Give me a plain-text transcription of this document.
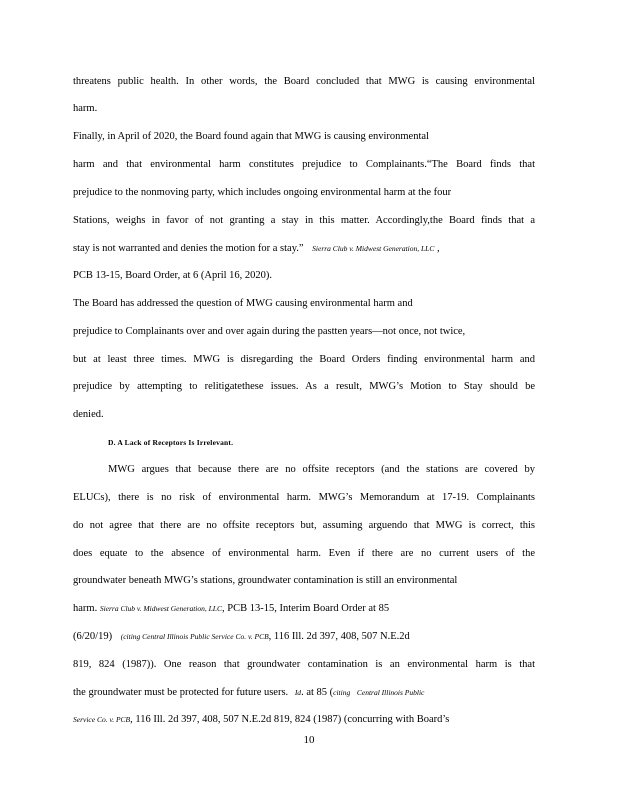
threatens public health. In other words, the Board concluded that MWG is causing environmental

harm.

Finally, in April of 2020, the Board found again that MWG is causing environmental

harm and that environmental harm constitutes prejudice to Complainants.“The Board finds that

prejudice to the nonmoving party, which includes ongoing environmental harm at the four

Stations, weighs in favor of not granting a stay in this matter. Accordingly,the Board finds that a

stay is not warranted and denies the motion for a stay.” Sierra Club v. Midwest Generation, LLC ,

PCB 13-15, Board Order, at 6 (April 16, 2020).

The Board has addressed the question of MWG causing environmental harm and

prejudice to Complainants over and over again during the pastten years—not once, not twice,

but at least three times. MWG is disregarding the Board Orders finding environmental harm and

prejudice by attempting to relitigatethese issues. As a result, MWG’s Motion to Stay should be

denied.

D. A Lack of Receptors Is Irrelevant.

MWG argues that because there are no offsite receptors (and the stations are covered by

ELUCs), there is no risk of environmental harm. MWG’s Memorandum at 17-19. Complainants

do not agree that there are no offsite receptors but, assuming arguendo that MWG is correct, this

does equate to the absence of environmental harm. Even if there are no current users of the

groundwater beneath MWG’s stations, groundwater contamination is still an environmental

harm. Sierra Club v. Midwest Generation, LLC, PCB 13-15, Interim Board Order at 85

(6/20/19) (citing Central Illinois Public Service Co. v. PCB, 116 Ill. 2d 397, 408, 507 N.E.2d

819, 824 (1987)). One reason that groundwater contamination is an environmental harm is that

the groundwater must be protected for future users. Id. at 85 (citing Central Illinois Public

Service Co. v. PCB, 116 Ill. 2d 397, 408, 507 N.E.2d 819, 824 (1987) (concurring with Board’s

10
